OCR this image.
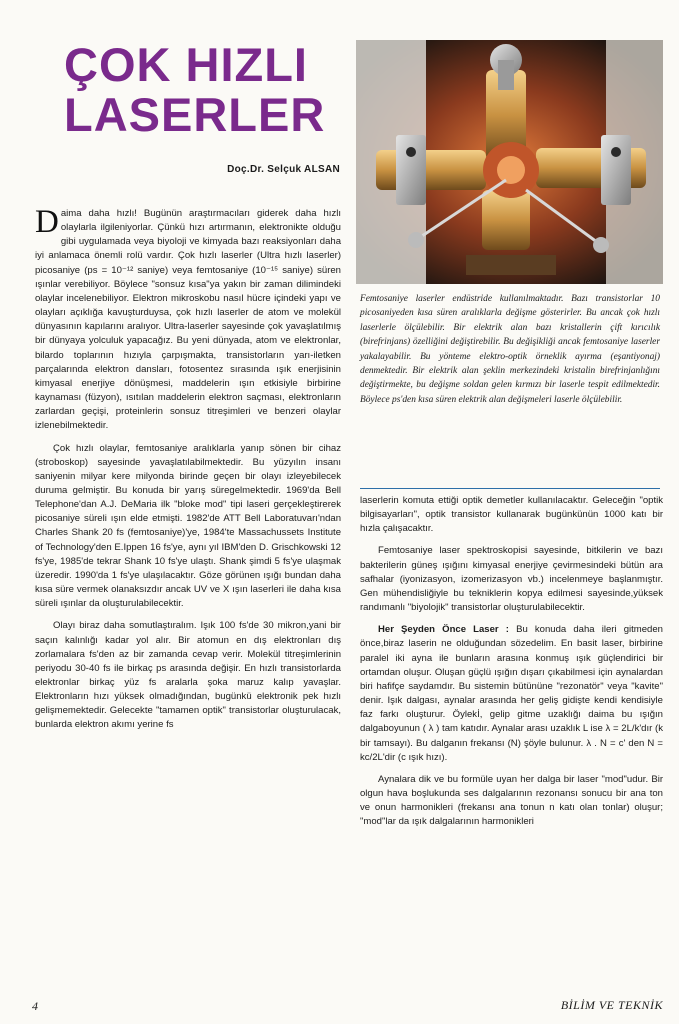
ÇOK HIZLI
LASERLER
Doç.Dr. Selçuk ALSAN

Femtosaniye laserler endüstride kullanılmaktadır. Bazı transistorlar 10 picosaniyeden kısa süren aralıklarla değişme gösterirler. Bu ancak çok hızlı laserlerle ölçülebilir. Bir elektrik alan bazı kristallerin çift kırıcılık (birefrinjans) özelliğini değiştirebilir. Bu değişikliği ancak femtosaniye laserler yakalayabilir. Bu yönteme elektro-optik örneklik ayırma (eşantiyonaj) denmektedir. Bir elektrik alan şeklin merkezindeki kristalin birefrinjanlığını değiştirmekte, bu değişme soldan gelen kırmızı bir laserle tespit edilmektedir. Böylece ps'den kısa süren elektrik alan değişmeleri laserle ölçülebilir.

Daima daha hızlı! Bugünün araştırmacıları giderek daha hızlı olaylarla ilgileniyorlar. Çünkü hızı artırmanın, elektronikte olduğu gibi uygulamada veya biyoloji ve kimyada bazı reaksiyonları daha iyi anlamaca önemli rolü vardır. Çok hızlı laserler (Ultra hızlı laserler) picosaniye (ps = 10⁻¹² saniye) veya femtosaniye (10⁻¹⁵ saniye) süren ışınlar verebiliyor. Böylece "sonsuz kısa"ya yakın bir zaman dilimindeki olaylar incelenebiliyor. Elektron mikroskobu nasıl hücre içindeki yapı ve olayları açıklığa kavuşturduysa, çok hızlı laserler de atom ve molekül dünyasının kapılarını aralıyor. Ultra-laserler sayesinde çok yavaşlatılmış bir dünyaya yolculuk yapacağız. Bu yeni dünyada, atom ve elektronlar, bilardo toplarının hızıyla çarpışmakta, transistorların yarı-iletken parçalarında elektron dansları, fotosentez sırasında ışık enerjisinin kimyasal enerjiye dönüşmesi, maddelerin ışın etkisiyle birbirine kaynaması (füzyon), ısıtılan maddelerin elektron saçması, elektronların zarlardan geçişi, proteinlerin sonsuz titreşimleri ve benzeri olaylar izlenebilmektedir.

Çok hızlı olaylar, femtosaniye aralıklarla yanıp sönen bir cihaz (stroboskop) sayesinde yavaşlatılabilmektedir. Bu yüzyılın insanı saniyenin milyar kere milyonda birinde geçen bir olayı izleyebilecek duruma gelmiştir. Bu konuda bir yarış süregelmektedir. 1969'da Bell Telephone'dan A.J. DeMaria ilk "bloke mod" tipi laseri gerçekleştirerek picosaniye süreli ışın elde etmişti. 1982'de ATT Bell Laboratuvarı'ndan Charles Shank 20 fs (femtosaniye)'ye, 1984'te Massachussets Institute of Technology'den E.Ippen 16 fs'ye, aynı yıl IBM'den D. Grischkowski 12 fs'ye, 1985'de tekrar Shank 10 fs'ye ulaştı. Shank şimdi 5 fs'ye ulaşmak üzeredir. 1990'da 1 fs'ye ulaşılacaktır. Göze görünen ışığı bundan daha kısa süre vermek olanaksızdır ancak UV ve X ışın laserleri ile daha kısa süreli ışınlar da oluşturulabilecektir.

Olayı biraz daha somutlaştıralım. Işık 100 fs'de 30 mikron,yani bir saçın kalınlığı kadar yol alır. Bir atomun en dış elektronları dış zorlamalara fs'den az bir zamanda cevap verir. Molekül titreşimlerinin periyodu 30-40 fs ile birkaç ps arasında değişir. En hızlı transistorlarda elektronlar birkaç yüz fs aralarla şoka maruz kalıp yavaşlar. Elektronların hızı yüksek olmadığından, bugünkü elektronik pek hızlı gelişmemektedir. Gelecekte "tamamen optik" transistorlar oluşturulacak, bunlarda elektron akımı yerine fs

laserlerin komuta ettiği optik demetler kullanılacaktır. Geleceğin "optik bilgisayarları", optik transistor kullanarak bugünkünün 1000 katı bir hızla çalışacaktır.

Femtosaniye laser spektroskopisi sayesinde, bitkilerin ve bazı bakterilerin güneş ışığını kimyasal enerjiye çevirmesindeki bütün ara safhalar (iyonizasyon, izomerizasyon vb.) incelenmeye başlanmıştır. Gen mühendisliğiyle bu tekniklerin kopya edilmesi sayesinde,yüksek randımanlı "biyolojik" transistorlar oluşturulabilecektir.

Her Şeyden Önce Laser : Bu konuda daha ileri gitmeden önce,biraz laserin ne olduğundan sözedelim. En basit laser, birbirine paralel iki ayna ile bunların arasına konmuş ışık güçlendirici bir ortamdan oluşur. Oluşan güçlü ışığın dışarı çıkabilmesi için aynalardan biri hafifçe saydamdır. Bu sistemin bütününe "rezonatör" veya "kavite" denir. Işık dalgası, aynalar arasında her geliş gidişte kendi kendisiyle faz farkı oluşturur. Öylekİ, gelip gitme uzaklığı daima bu ışığın dalgaboyunun ( λ ) tam katıdır. Aynalar arası uzaklık L ise λ = 2L/k'dır (k bir tamsayı). Bu dalganın frekansı (N) şöyle bulunur. λ . N = c' den N = kc/2L'dir (c ışık hızı).

Aynalara dik ve bu formüle uyan her dalga bir laser "mod"udur. Bir olgun hava boşlukunda ses dalgalarının rezonansı sonucu bir ana ton ve onun harmonikleri (frekansı ana tonun n katı olan tonlar) oluşur; "mod"lar da ışık dalgalarının harmonikleri

4	BİLİM VE TEKNİK
